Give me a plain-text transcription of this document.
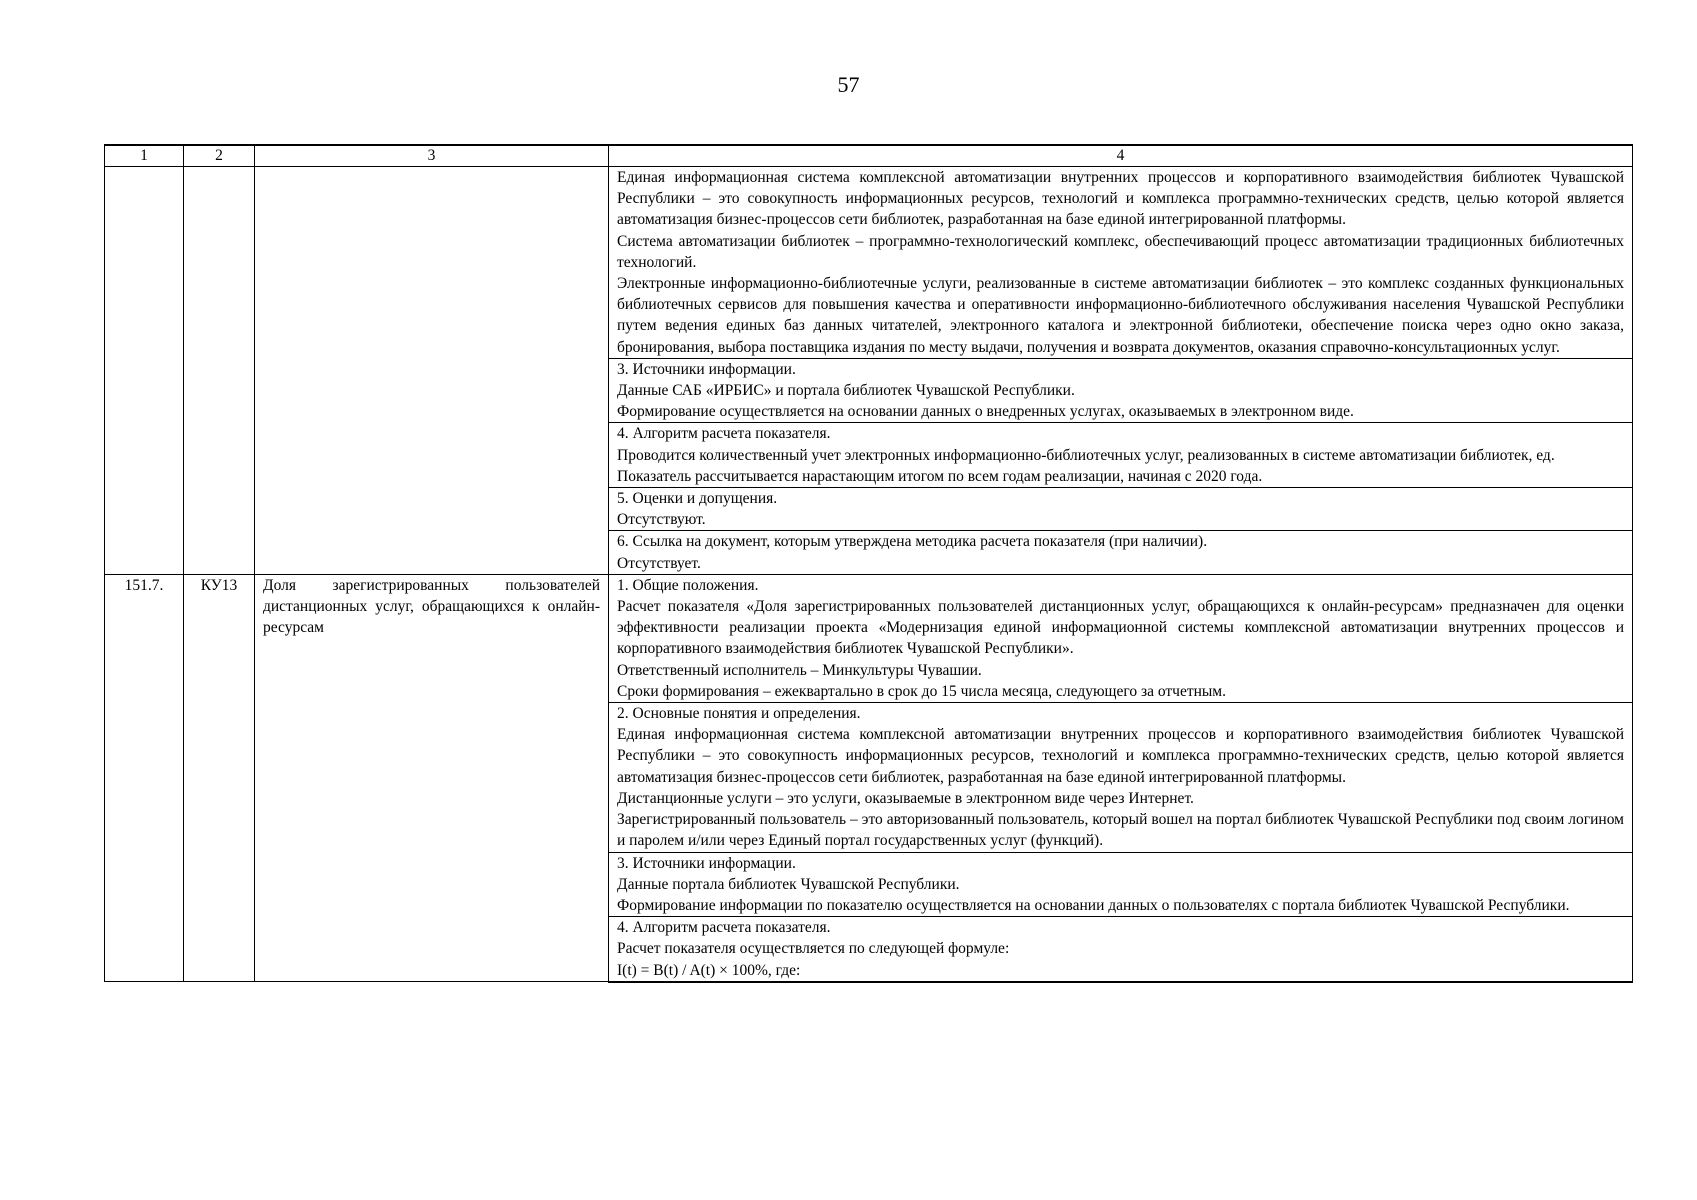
57
1	2	3	4

			Единая информационная система комплексной автоматизации внутренних процессов и корпоративного взаимодействия библиотек Чувашской Республики – это совокупность информационных ресурсов, технологий и комплекса программно-технических средств, целью которой является автоматизация бизнес-процессов сети библиотек, разработанная на базе единой интегрированной платформы.
Система автоматизации библиотек – программно-технологический комплекс, обеспечивающий процесс автоматизации традиционных библиотечных технологий.
Электронные информационно-библиотечные услуги, реализованные в системе автоматизации библиотек – это комплекс созданных функциональных библиотечных сервисов для повышения качества и оперативности информационно-библиотечного обслуживания населения Чувашской Республики путем ведения единых баз данных читателей, электронного каталога и электронной библиотеки, обеспечение поиска через одно окно заказа, бронирования, выбора поставщика издания по месту выдачи, получения и возврата документов, оказания справочно-консультационных услуг.

			3. Источники информации.
Данные САБ «ИРБИС» и портала библиотек Чувашской Республики.
Формирование осуществляется на основании данных о внедренных услугах, оказываемых в электронном виде.

			4. Алгоритм расчета показателя.
Проводится количественный учет электронных информационно-библиотечных услуг, реализованных в системе автоматизации библиотек, ед.
Показатель рассчитывается нарастающим итогом по всем годам реализации, начиная с 2020 года.

			5. Оценки и допущения.
Отсутствуют.

			6. Ссылка на документ, которым утверждена методика расчета показателя (при наличии).
Отсутствует.

151.7.	КУ13	Доля зарегистрированных пользователей дистанционных услуг, обращающихся к онлайн-ресурсам	1. Общие положения.
Расчет показателя «Доля зарегистрированных пользователей дистанционных услуг, обращающихся к онлайн-ресурсам» предназначен для оценки эффективности реализации проекта «Модернизация единой информационной системы комплексной автоматизации внутренних процессов и корпоративного взаимодействия библиотек Чувашской Республики».
Ответственный исполнитель – Минкультуры Чувашии.
Сроки формирования – ежеквартально в срок до 15 числа месяца, следующего за отчетным.

			2. Основные понятия и определения.
Единая информационная система комплексной автоматизации внутренних процессов и корпоративного взаимодействия библиотек Чувашской Республики – это совокупность информационных ресурсов, технологий и комплекса программно-технических средств, целью которой является автоматизация бизнес-процессов сети библиотек, разработанная на базе единой интегрированной платформы.
Дистанционные услуги – это услуги, оказываемые в электронном виде через Интернет.
Зарегистрированный пользователь – это авторизованный пользователь, который вошел на портал библиотек Чувашской Республики под своим логином и паролем и/или через Единый портал государственных услуг (функций).

			3. Источники информации.
Данные портала библиотек Чувашской Республики.
Формирование информации по показателю осуществляется на основании данных о пользователях с портала библиотек Чувашской Республики.

			4. Алгоритм расчета показателя.
Расчет показателя осуществляется по следующей формуле:
I(t) = B(t) / A(t) × 100%, где:
